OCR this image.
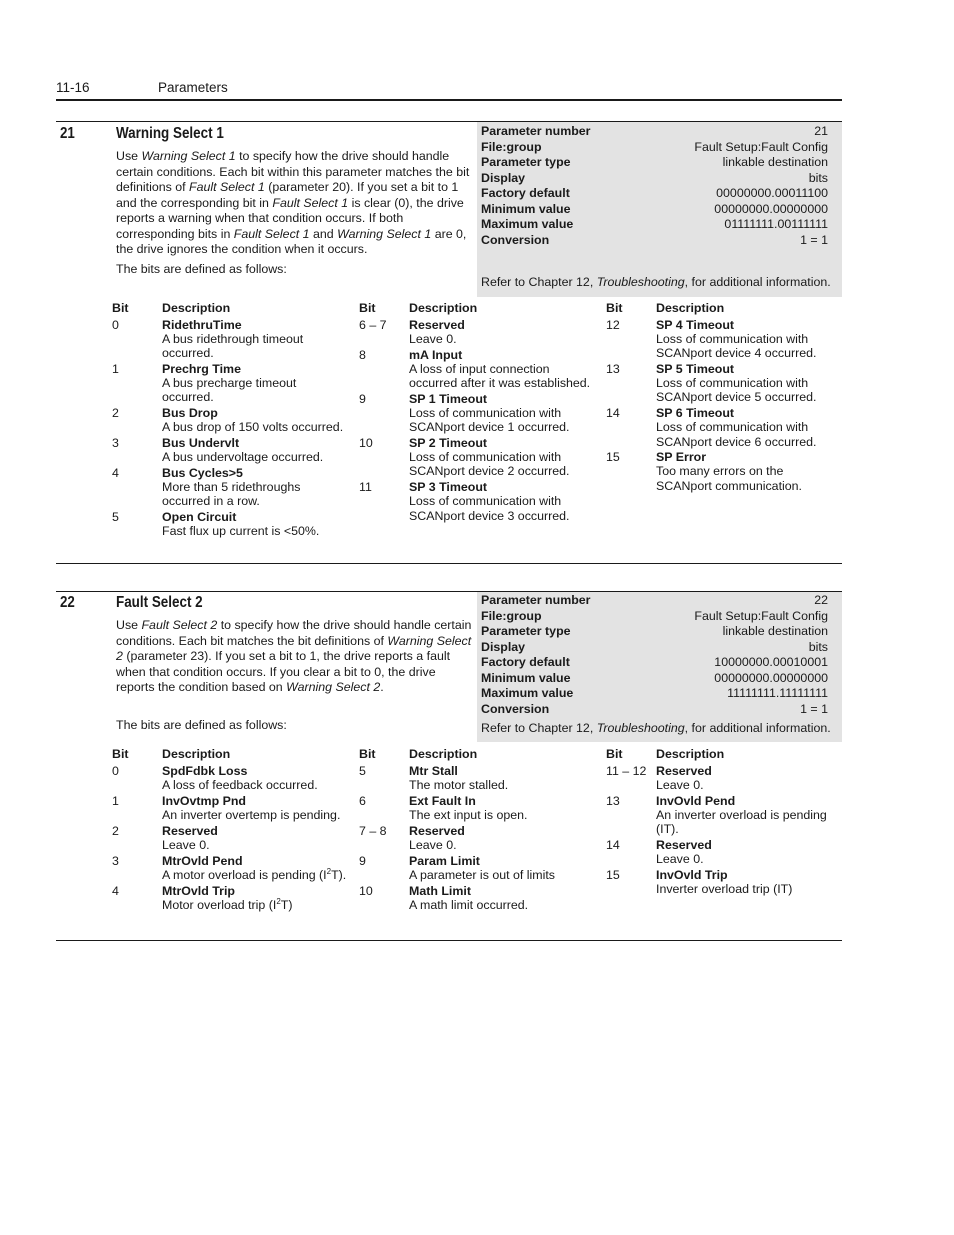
11-16	Parameters
21	Warning Select 1

Use Warning Select 1 to specify how the drive should handle certain conditions. Each bit within this parameter matches the bit definitions of Fault Select 1 (parameter 20). If you set a bit to 1 and the corresponding bit in Fault Select 1 is clear (0), the drive reports a warning when that condition occurs. If both corresponding bits in Fault Select 1 and Warning Select 1 are 0, the drive ignores the condition when it occurs.

The bits are defined as follows:

Parameter number	21
File:group	Fault Setup:Fault Config
Parameter type	linkable destination
Display	bits
Factory default	00000000.00011100
Minimum value	00000000.00000000
Maximum value	01111111.00111111
Conversion	1 = 1
Refer to Chapter 12, Troubleshooting, for additional information.
Bit	Description	Bit	Description	Bit	Description
0	RidethruTime
A bus ridethrough timeout
occurred.
1	Prechrg Time
A bus precharge timeout
occurred.
2	Bus Drop
A bus drop of 150 volts occurred.
3	Bus Undervlt
A bus undervoltage occurred.
4	Bus Cycles>5
More than 5 ridethroughs
occurred in a row.
5	Open Circuit
Fast flux up current is <50%.
6 – 7 Reserved
Leave 0.
8	mA Input
A loss of input connection
occurred after it was established.
9	SP 1 Timeout
Loss of communication with
SCANport device 1 occurred.
10	SP 2 Timeout
Loss of communication with
SCANport device 2 occurred.
11	SP 3 Timeout
Loss of communication with
SCANport device 3 occurred.
12	SP 4 Timeout
Loss of communication with
SCANport device 4 occurred.
13	SP 5 Timeout
Loss of communication with
SCANport device 5 occurred.
14	SP 6 Timeout
Loss of communication with
SCANport device 6 occurred.
15	SP Error
Too many errors on the
SCANport communication.
22	Fault Select 2

Use Fault Select 2 to specify how the drive should handle certain conditions. Each bit matches the bit definitions of Warning Select 2 (parameter 23). If you set a bit to 1, the drive reports a fault when that condition occurs. If you clear a bit to 0, the drive reports the condition based on Warning Select 2.

The bits are defined as follows:

Parameter number	22
File:group	Fault Setup:Fault Config
Parameter type	linkable destination
Display	bits
Factory default	10000000.00010001
Minimum value	00000000.00000000
Maximum value	11111111.11111111
Conversion	1 = 1
Refer to Chapter 12, Troubleshooting, for additional information.
Bit	Description	Bit	Description	Bit	Description
0	SpdFdbk Loss
A loss of feedback occurred.
1	InvOvtmp Pnd
An inverter overtemp is pending.
2	Reserved
Leave 0.
3	MtrOvld Pend
A motor overload is pending $(I^2T)$.
4	MtrOvld Trip
Motor overload trip $(I^2T)$
5	Mtr Stall
The motor stalled.
6	Ext Fault In
The ext input is open.
7 – 8 Reserved
Leave 0.
9	Param Limit
A parameter is out of limits
10	Math Limit
A math limit occurred.
11 – 12 Reserved
Leave 0.
13	InvOvld Pend
An inverter overload is pending
(IT).
14	Reserved
Leave 0.
15	InvOvld Trip
Inverter overload trip (IT)
